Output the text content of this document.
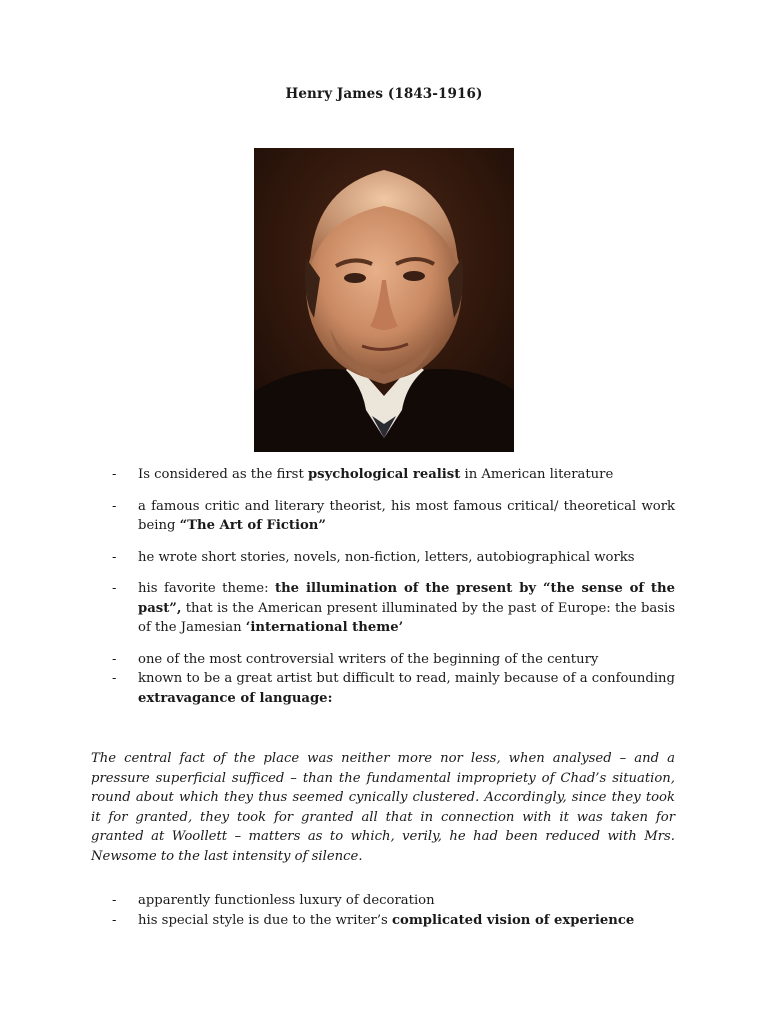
Henry James (1843-1916)
- Is considered as the first psychological realist in American literature
- a famous critic and literary theorist, his most famous critical/ theoretical work being “The Art of Fiction”
- he wrote short stories, novels, non-fiction, letters, autobiographical works
- his favorite theme: the illumination of the present by “the sense of the past”, that is the American present illuminated by the past of Europe: the basis of the Jamesian ‘international theme’
- one of the most controversial writers of the beginning of the century
- known to be a great artist but difficult to read, mainly because of a confounding extravagance of language:
The central fact of the place was neither more nor less, when analysed – and a pressure superficial sufficed – than the fundamental impropriety of Chad’s situation, round about which they thus seemed cynically clustered. Accordingly, since they took it for granted, they took for granted all that in connection with it was taken for granted at Woollett – matters as to which, verily, he had been reduced with Mrs. Newsome to the last intensity of silence.
- apparently functionless luxury of decoration
- his special style is due to the writer’s complicated vision of experience
